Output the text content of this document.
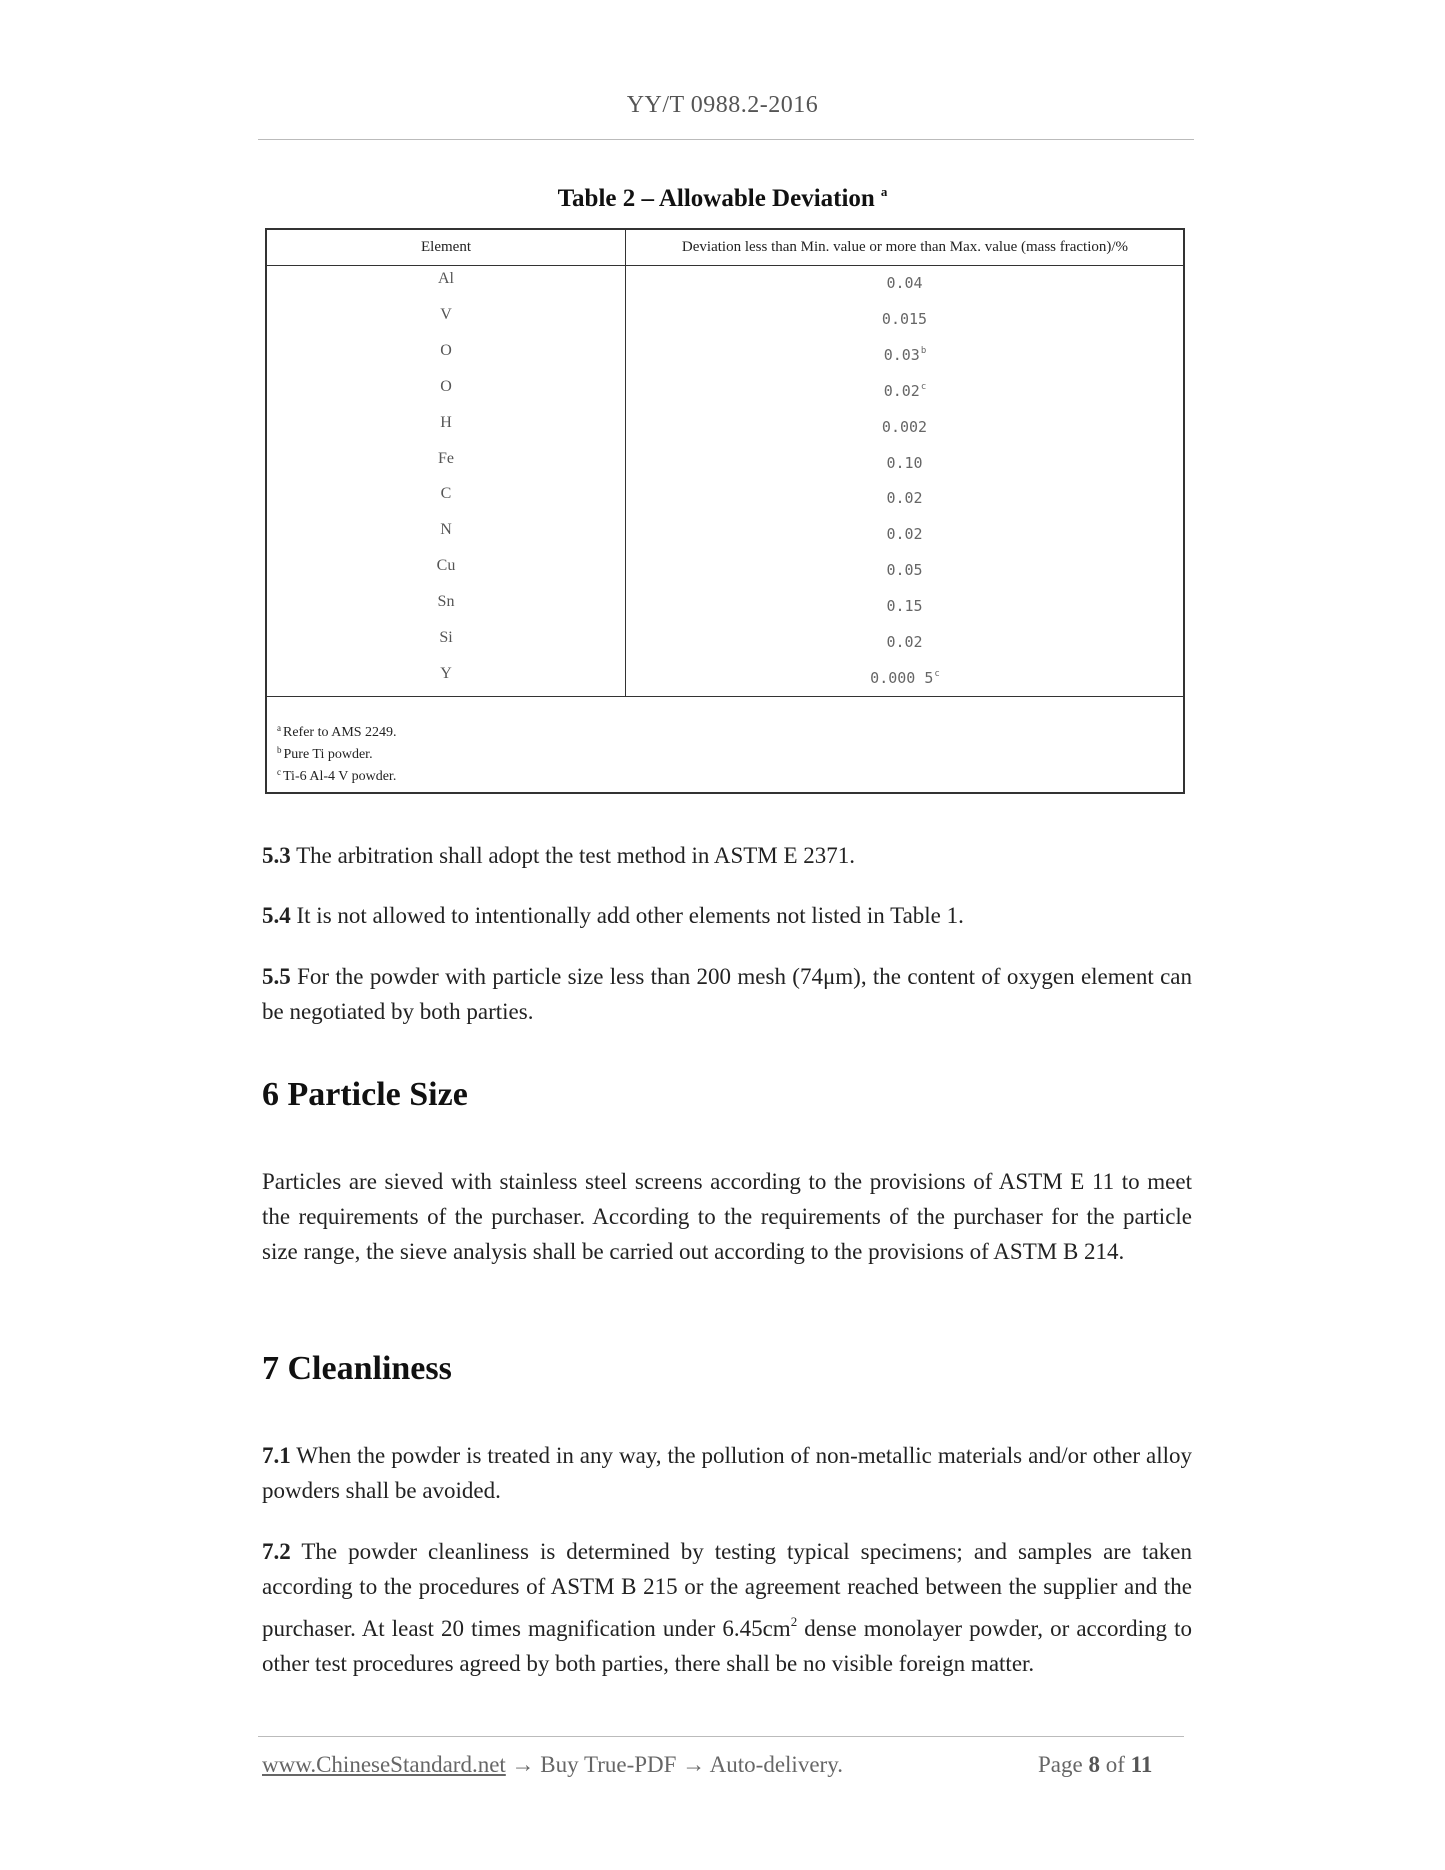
YY/T 0988.2-2016
Table 2 – Allowable Deviation $^a$
Element	Deviation less than Min. value or more than Max. value (mass fraction)/%
Al	0.04
V	0.015
O	0.03$^b$
O	0.02$^c$
H	0.002
Fe	0.10
C	0.02
N	0.02
Cu	0.05
Sn	0.15
Si	0.02
Y	0.000 5$^c$
$^a$ Refer to AMS 2249.
$^b$ Pure Ti powder.
$^c$ Ti-6 Al-4 V powder.
5.3 The arbitration shall adopt the test method in ASTM E 2371.
5.4 It is not allowed to intentionally add other elements not listed in Table 1.
5.5 For the powder with particle size less than 200 mesh (74μm), the content of oxygen element can be negotiated by both parties.
6 Particle Size
Particles are sieved with stainless steel screens according to the provisions of ASTM E 11 to meet the requirements of the purchaser. According to the requirements of the purchaser for the particle size range, the sieve analysis shall be carried out according to the provisions of ASTM B 214.
7 Cleanliness
7.1 When the powder is treated in any way, the pollution of non-metallic materials and/or other alloy powders shall be avoided.
7.2 The powder cleanliness is determined by testing typical specimens; and samples are taken according to the procedures of ASTM B 215 or the agreement reached between the supplier and the purchaser. At least 20 times magnification under $6.45cm^2$ dense monolayer powder, or according to other test procedures agreed by both parties, there shall be no visible foreign matter.
www.ChineseStandard.net → Buy True-PDF → Auto-delivery.	Page 8 of 11
